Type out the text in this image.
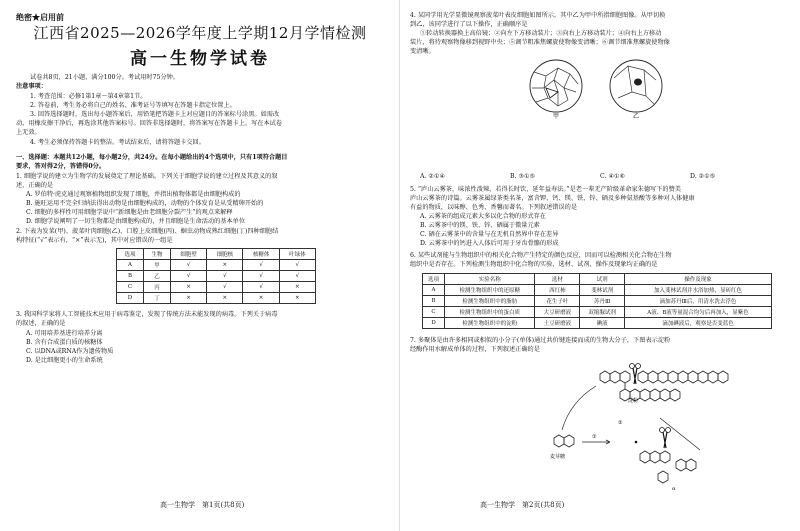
绝密★启用前
江西省2025—2026学年度上学期12月学情检测
高一生物学试卷
试卷共8页，21小题，满分100分。考试用时75分钟。
注意事项：
1. 考查范围：必修1第1章～第4章第1节。
2. 答卷前，考生务必将自己的姓名、准考证号等填写在答题卡指定位置上。
3. 回答选择题时，选出每小题答案后，用铅笔把答题卡上对应题目的答案标号涂黑。如需改
动，用橡皮擦干净后，再选涂其他答案标号。回答非选择题时，将答案写在答题卡上。写在本试卷
上无效。
4. 考生必须保持答题卡的整洁。考试结束后，请将答题卡交回。
一、选择题：本题共12小题，每小题2分，共24分。在每小题给出的4个选项中，只有1项符合题目
要求，答对得2分，答错得0分。
1. 细胞学说的建立为生物学的发展奠定了理论基础。下列关于细胞学说的建立过程及其意义的叙
述，正确的是
A. 罗伯特·虎克通过观察植物组织发现了细胞，并指出植物体都是由细胞构成的
B. 施旺运用不完全归纳法得出动物是由细胞构成的，动物的个体发育是从受精卵开始的
C. 细胞的多样性可用细胞学说中“新细胞是由老细胞分裂产生”的观点来解释
D. 细胞学说阐明了一切生物都是由细胞构成的，并且细胞是生命活动的基本单位
2. 下表为发菜(甲)、菠菜叶肉细胞(乙)、口腔上皮细胞(丙)、蛔虫动物成熟红细胞(丁)四种细胞结
构特征(“√”表示有，“×”表示无)，其中对应错误的一组是
选项	生物	细胞壁	细胞核	核糖体	叶绿体
A	甲	√	×	√	√
B	乙	√	√	√	√
C	丙	×	√	√	×
D	丁	×	×	×	×
3. 我国科学家将人工智能技术应用于病毒鉴定，发现了传统方法未能发现的病毒。下列关于病毒
的叙述，正确的是
A. 可用培养基进行培养分离
B. 含有合成蛋白质的核糖体
C. 以DNA或RNA作为遗传物质
D. 是比细胞更小的生命系统
高一生物学　第1页(共8页)
4. 某同学用光学显微镜观察菠菜叶表皮细胞如图所示，其中乙为甲中所指细胞图像。从甲切换
到乙，该同学进行了以下操作，正确顺序是
①转动转换器换上高倍镜；②向左下方移动装片；③向右上方移动装片；④向右上方移动
装片，将待观察物像移到视野中央；⑤调节粗准焦螺旋使物像变清晰；⑥调节细准焦螺旋使物像
变清晰。
甲	乙
A. ②①④	B. ③①⑤	C. ④①⑥	D. ②①⑤
5. “庐山云雾茶，味浓性泼辣，若得长时饮，延年益寿法。”是老一辈无产阶级革命家朱德写下的赞美
庐山云雾茶的诗篇。云雾茶属绿茶类名茶，富含钾、钙、镁、铁、锌、硒及多种氨基酸等多种对人体健康
有益的物质，以味醇、色秀、香馨而著名。下列叙述错误的是
A. 云雾茶的组成元素大多以化合物的形式存在
B. 云雾茶中的镁、铁、锌、硒属于微量元素
C. 硒在云雾茶中的含量与在无机自然界中存在差异
D. 云雾茶中的钙进入人体后可用于牙齿骨骼的形成
6. 某些试剂能与生物组织中的相关化合物产生特定的颜色反应，因而可以检测相关化合物在生物
组织中是否存在。下列检测生物组织中化合物的实验，选材、试剂、操作及现象均正确的是
选项	实验名称	选材	试剂	操作及现象
A	检测生物组织中的还原糖	西红柿	斐林试剂	加入斐林试剂并水浴加热，显砖红色
B	检测生物组织中的脂肪	花生子叶	苏丹Ⅲ	滴加苏丹Ⅲ后，用清水洗去浮色
C	检测生物组织中的蛋白质	大豆研磨液	双缩脲试剂	A液、B液等量混合均匀后再加入，显紫色
D	检测生物组织中的淀粉	土豆研磨液	碘液	滴加碘液后，观察是否变蓝色
7. 多聚体是由许多相同或相似的小分子(单体)通过共价键连接而成的生物大分子，下图表示淀粉
经酶作用水解成单体的过程，下列叙述正确的是
淀粉
麦芽糖
②
①
α
高一生物学　第2页(共8页)
